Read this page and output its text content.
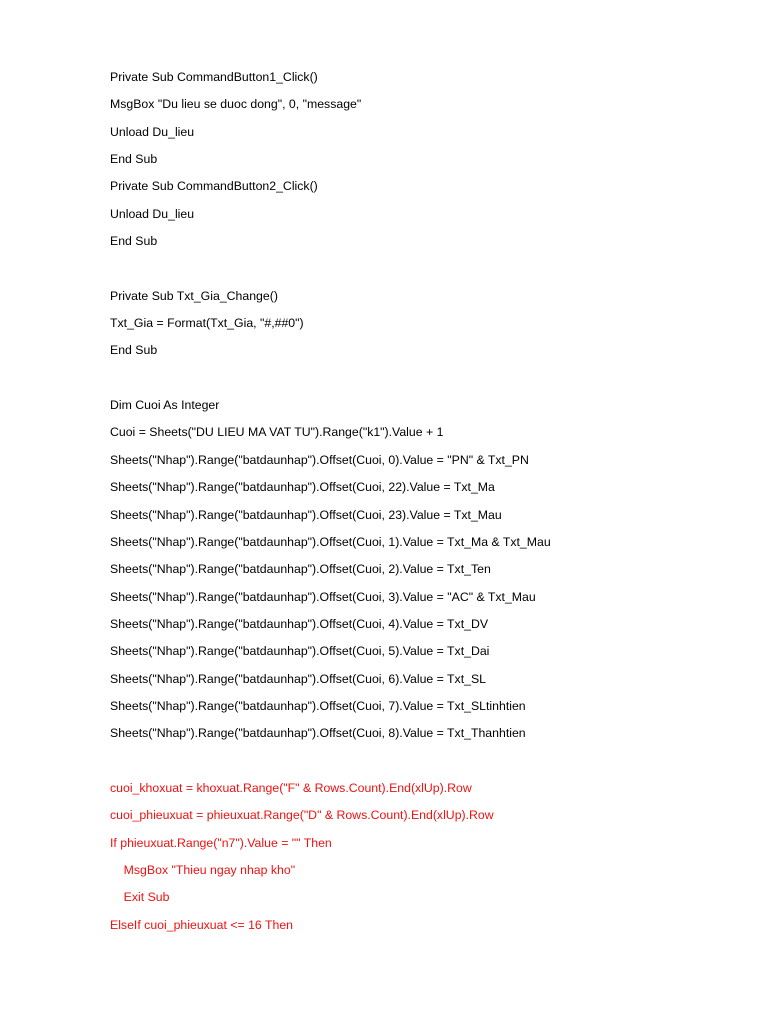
Private Sub CommandButton1_Click()
MsgBox "Du lieu se duoc dong", 0, "message"
Unload Du_lieu
End Sub
Private Sub CommandButton2_Click()
Unload Du_lieu
End Sub
Private Sub Txt_Gia_Change()
Txt_Gia = Format(Txt_Gia, "#,##0")
End Sub
Dim Cuoi As Integer
Cuoi = Sheets("DU LIEU MA VAT TU").Range("k1").Value + 1
Sheets("Nhap").Range("batdaunhap").Offset(Cuoi, 0).Value = "PN" & Txt_PN
Sheets("Nhap").Range("batdaunhap").Offset(Cuoi, 22).Value = Txt_Ma
Sheets("Nhap").Range("batdaunhap").Offset(Cuoi, 23).Value = Txt_Mau
Sheets("Nhap").Range("batdaunhap").Offset(Cuoi, 1).Value = Txt_Ma & Txt_Mau
Sheets("Nhap").Range("batdaunhap").Offset(Cuoi, 2).Value = Txt_Ten
Sheets("Nhap").Range("batdaunhap").Offset(Cuoi, 3).Value = "AC" & Txt_Mau
Sheets("Nhap").Range("batdaunhap").Offset(Cuoi, 4).Value = Txt_DV
Sheets("Nhap").Range("batdaunhap").Offset(Cuoi, 5).Value = Txt_Dai
Sheets("Nhap").Range("batdaunhap").Offset(Cuoi, 6).Value = Txt_SL
Sheets("Nhap").Range("batdaunhap").Offset(Cuoi, 7).Value = Txt_SLtinhtien
Sheets("Nhap").Range("batdaunhap").Offset(Cuoi, 8).Value = Txt_Thanhtien
cuoi_khoxuat = khoxuat.Range("F" & Rows.Count).End(xlUp).Row
cuoi_phieuxuat = phieuxuat.Range("D" & Rows.Count).End(xlUp).Row
If phieuxuat.Range("n7").Value = "" Then
MsgBox "Thieu ngay nhap kho"
Exit Sub
ElseIf cuoi_phieuxuat <= 16 Then
